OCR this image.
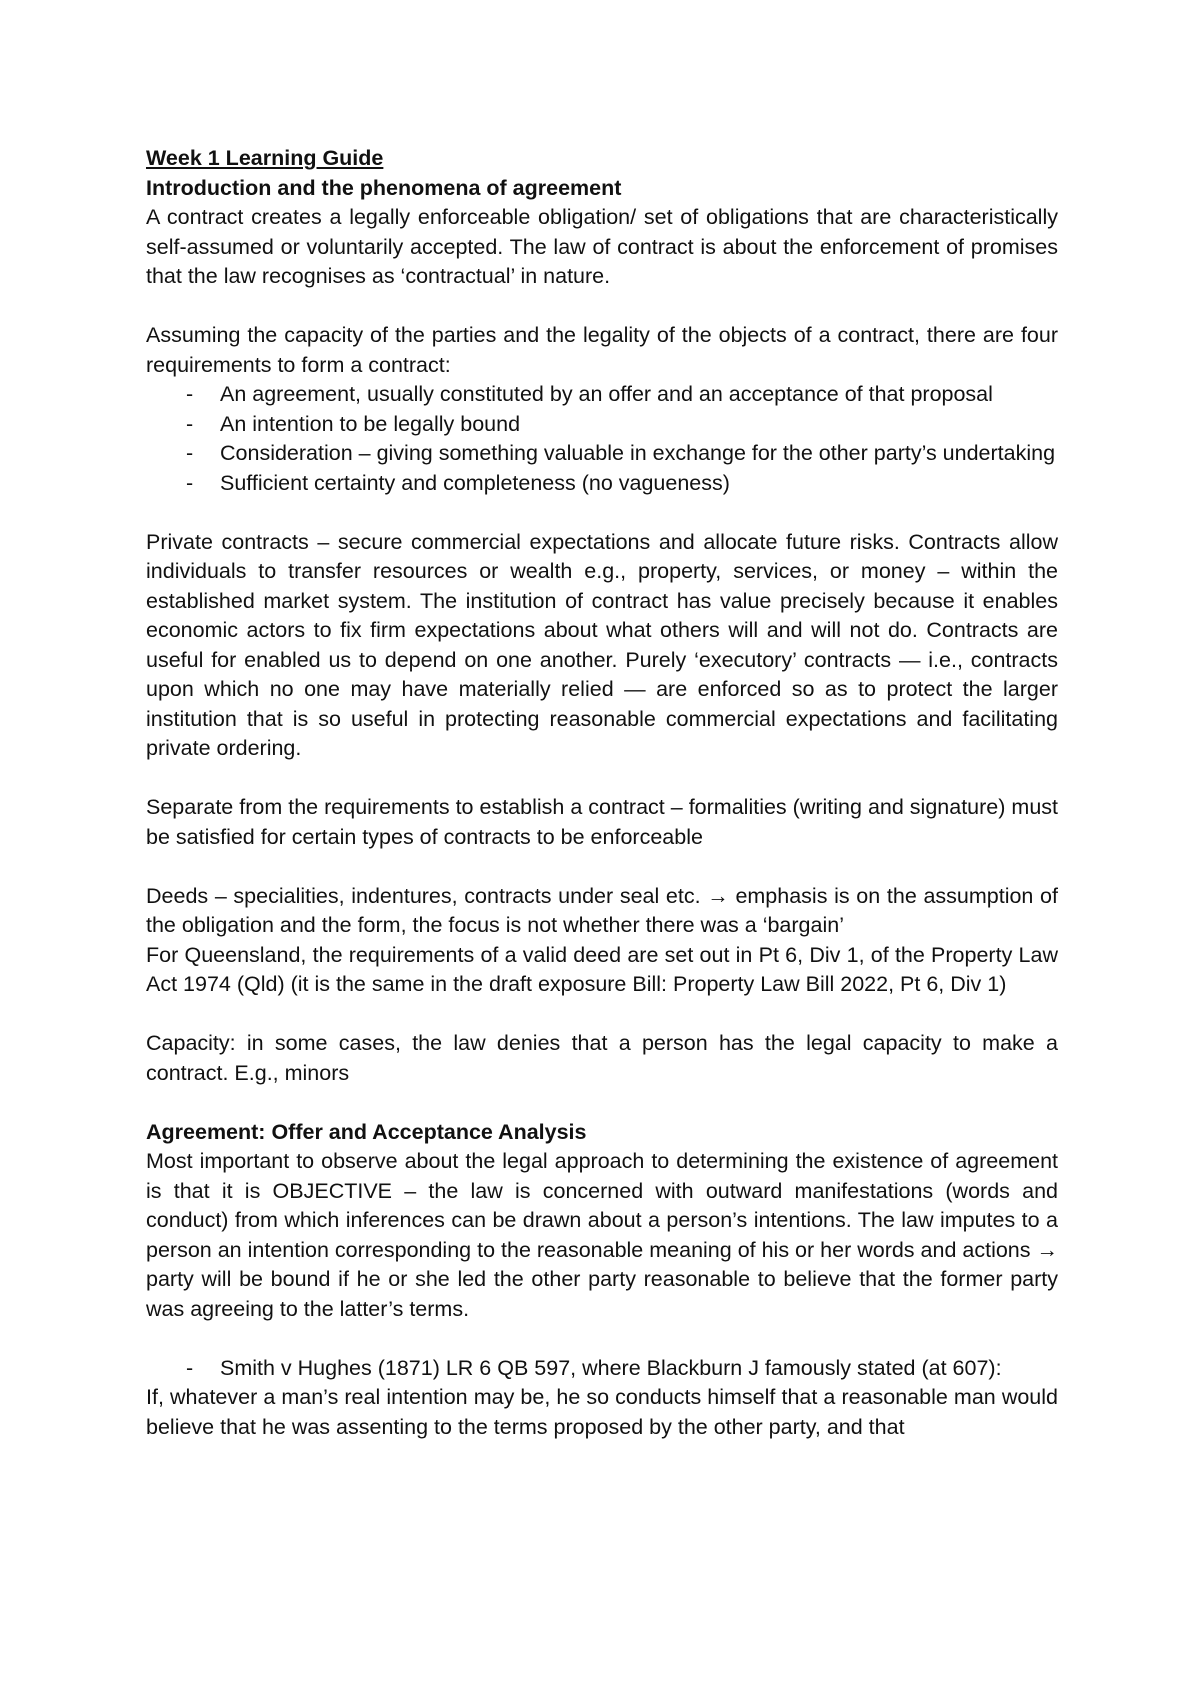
Week 1 Learning Guide

Introduction and the phenomena of agreement

A contract creates a legally enforceable obligation/ set of obligations that are characteristically self-assumed or voluntarily accepted. The law of contract is about the enforcement of promises that the law recognises as ‘contractual’ in nature.

Assuming the capacity of the parties and the legality of the objects of a contract, there are four requirements to form a contract:

- An agreement, usually constituted by an offer and an acceptance of that proposal
- An intention to be legally bound
- Consideration – giving something valuable in exchange for the other party’s undertaking
- Sufficient certainty and completeness (no vagueness)

Private contracts – secure commercial expectations and allocate future risks. Contracts allow individuals to transfer resources or wealth e.g., property, services, or money – within the established market system. The institution of contract has value precisely because it enables economic actors to fix firm expectations about what others will and will not do. Contracts are useful for enabled us to depend on one another. Purely ‘executory’ contracts — i.e., contracts upon which no one may have materially relied — are enforced so as to protect the larger institution that is so useful in protecting reasonable commercial expectations and facilitating private ordering.

Separate from the requirements to establish a contract – formalities (writing and signature) must be satisfied for certain types of contracts to be enforceable

Deeds – specialities, indentures, contracts under seal etc. → emphasis is on the assumption of the obligation and the form, the focus is not whether there was a ‘bargain’

For Queensland, the requirements of a valid deed are set out in Pt 6, Div 1, of the Property Law Act 1974 (Qld) (it is the same in the draft exposure Bill: Property Law Bill 2022, Pt 6, Div 1)

Capacity: in some cases, the law denies that a person has the legal capacity to make a contract. E.g., minors

Agreement: Offer and Acceptance Analysis

Most important to observe about the legal approach to determining the existence of agreement is that it is OBJECTIVE – the law is concerned with outward manifestations (words and conduct) from which inferences can be drawn about a person’s intentions. The law imputes to a person an intention corresponding to the reasonable meaning of his or her words and actions → party will be bound if he or she led the other party reasonable to believe that the former party was agreeing to the latter’s terms.

- Smith v Hughes (1871) LR 6 QB 597, where Blackburn J famously stated (at 607):

If, whatever a man’s real intention may be, he so conducts himself that a reasonable man would believe that he was assenting to the terms proposed by the other party, and that
